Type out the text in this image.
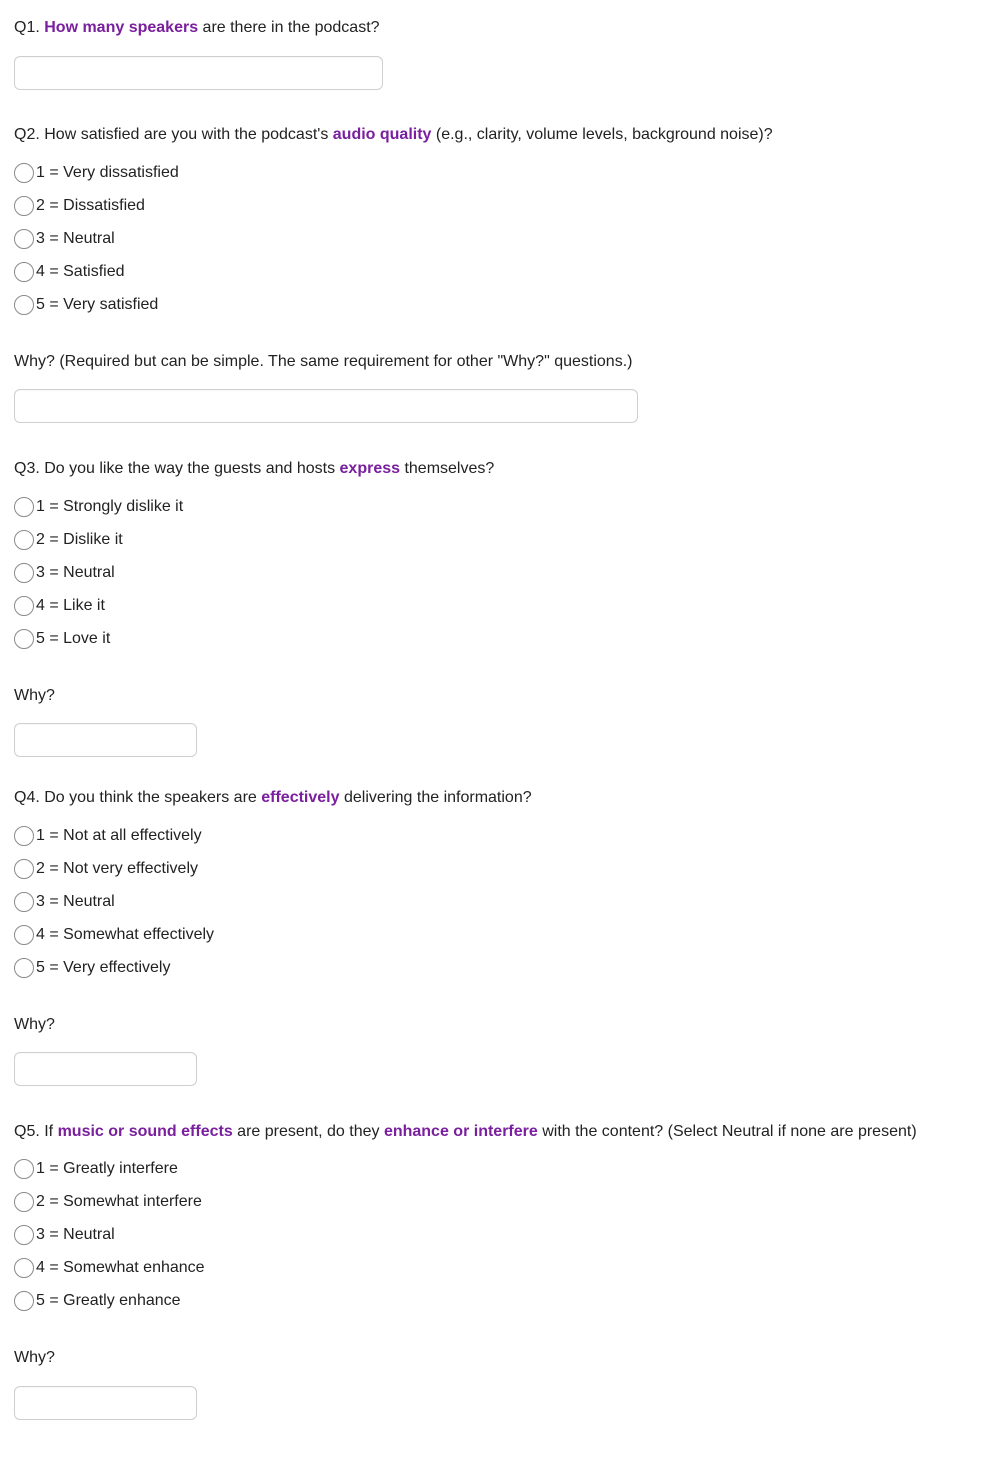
Q1. How many speakers are there in the podcast?
Q2. How satisfied are you with the podcast's audio quality (e.g., clarity, volume levels, background noise)?
1 = Very dissatisfied
2 = Dissatisfied
3 = Neutral
4 = Satisfied
5 = Very satisfied
Why? (Required but can be simple. The same requirement for other "Why?" questions.)
Q3. Do you like the way the guests and hosts express themselves?
1 = Strongly dislike it
2 = Dislike it
3 = Neutral
4 = Like it
5 = Love it
Why?
Q4. Do you think the speakers are effectively delivering the information?
1 = Not at all effectively
2 = Not very effectively
3 = Neutral
4 = Somewhat effectively
5 = Very effectively
Why?
Q5. If music or sound effects are present, do they enhance or interfere with the content? (Select Neutral if none are present)
1 = Greatly interfere
2 = Somewhat interfere
3 = Neutral
4 = Somewhat enhance
5 = Greatly enhance
Why?
